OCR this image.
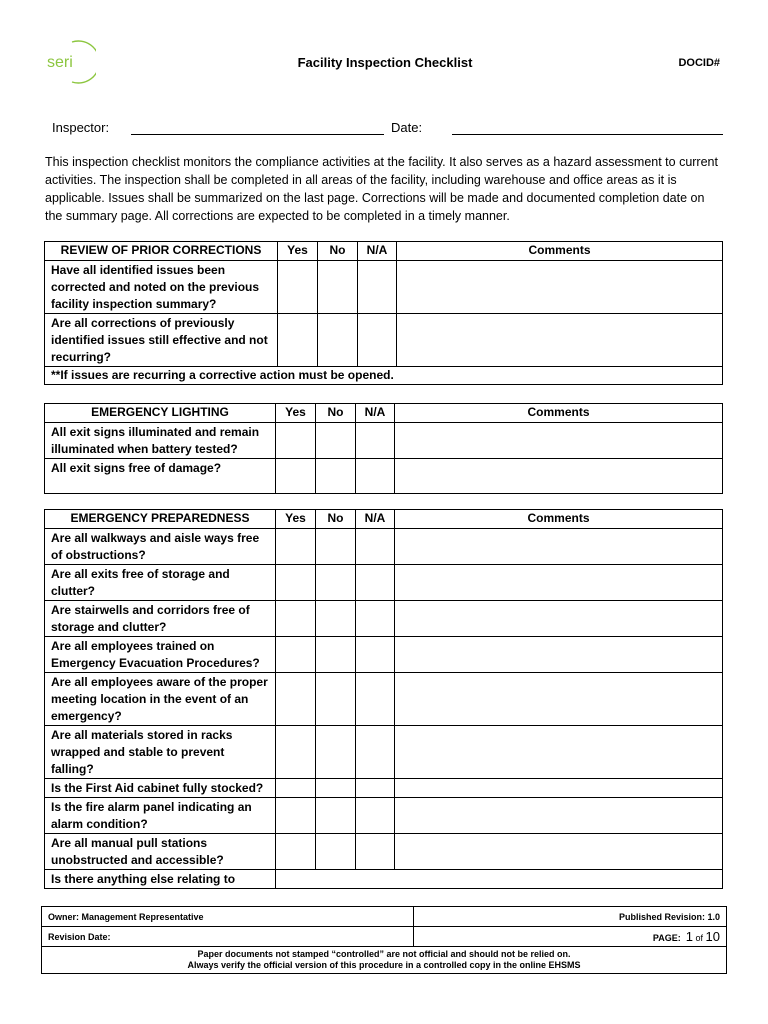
seri	Facility Inspection Checklist	DOCID#
Inspector:	Date:
This inspection checklist monitors the compliance activities at the facility. It also serves as a hazard assessment to current activities. The inspection shall be completed in all areas of the facility, including warehouse and office areas as it is applicable. Issues shall be summarized on the last page. Corrections will be made and documented completion date on the summary page. All corrections are expected to be completed in a timely manner.
REVIEW OF PRIOR CORRECTIONS	Yes	No	N/A	Comments
Have all identified issues been corrected and noted on the previous facility inspection summary?				
Are all corrections of previously identified issues still effective and not recurring?				
**If issues are recurring a corrective action must be opened.				
EMERGENCY LIGHTING	Yes	No	N/A	Comments
All exit signs illuminated and remain illuminated when battery tested?				
All exit signs free of damage?				
EMERGENCY PREPAREDNESS	Yes	No	N/A	Comments
Are all walkways and aisle ways free of obstructions?				
Are all exits free of storage and clutter?				
Are stairwells and corridors free of storage and clutter?				
Are all employees trained on Emergency Evacuation Procedures?				
Are all employees aware of the proper meeting location in the event of an emergency?				
Are all materials stored in racks wrapped and stable to prevent falling?				
Is the First Aid cabinet fully stocked?				
Is the fire alarm panel indicating an alarm condition?				
Are all manual pull stations unobstructed and accessible?				
Is there anything else relating to				
Owner: Management Representative	Published Revision: 1.0
Revision Date:	PAGE: 1 of 10

Paper documents not stamped “controlled” are not official and should not be relied on.
Always verify the official version of this procedure in a controlled copy in the online EHSMS	
